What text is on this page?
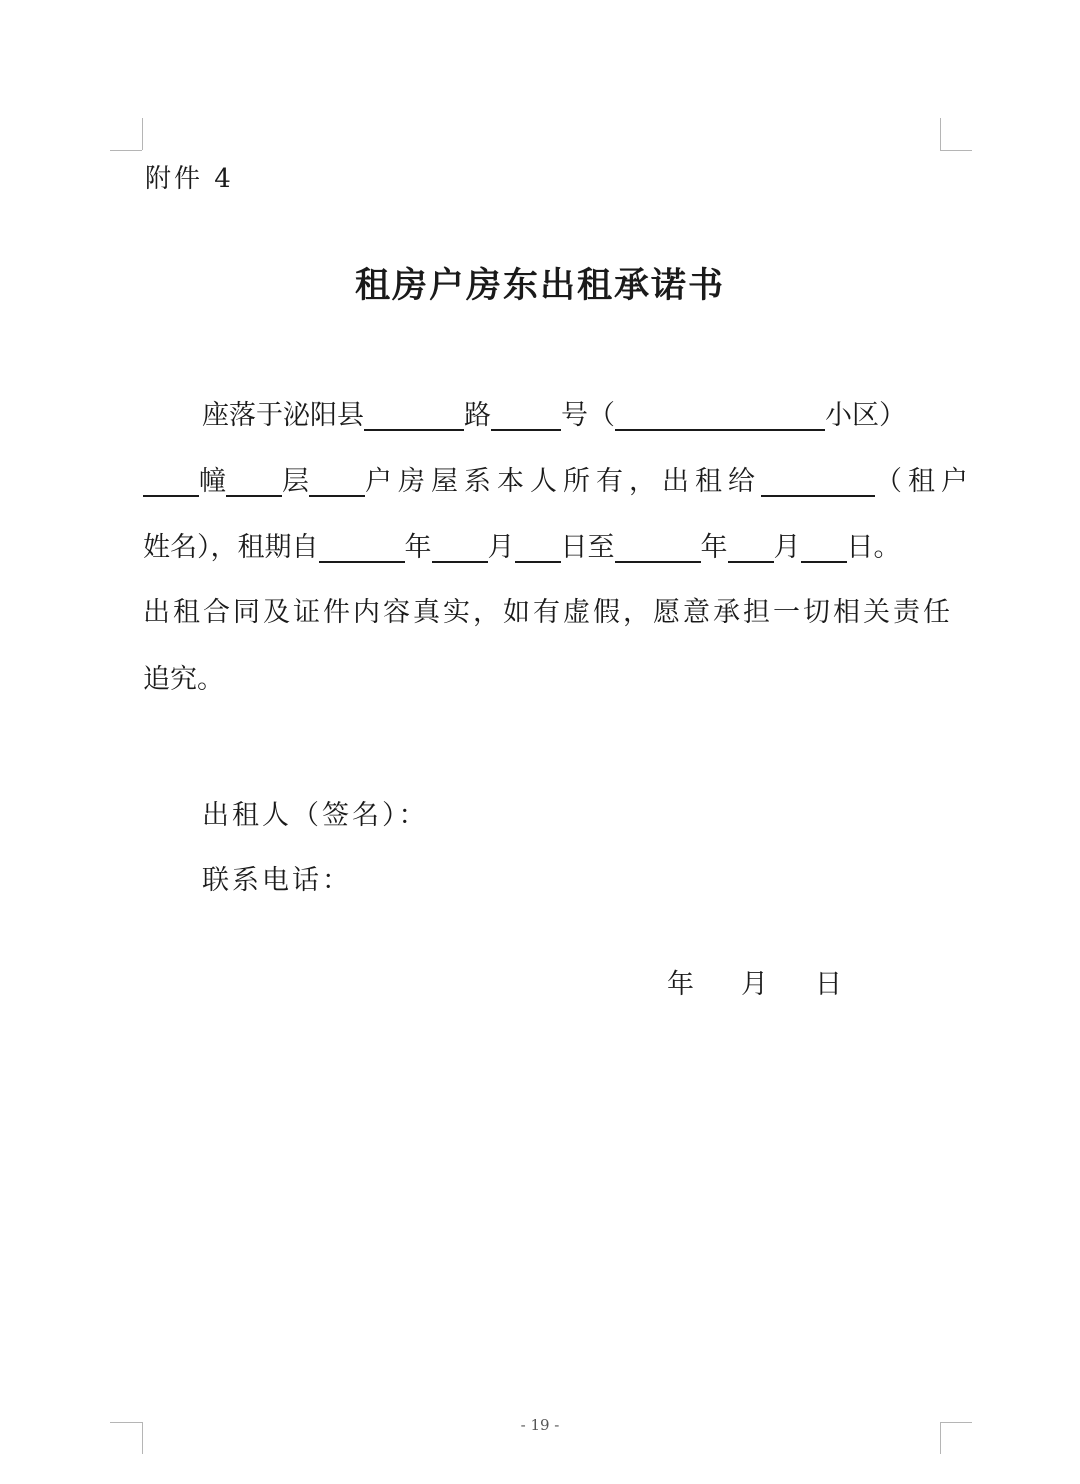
附件 4
租房户房东出租承诺书
座落于泌阳县	路	号（	小区）
幢 层 户房屋系本人所有，出租给	（租户
姓名），租期自	年 月 日至	年 月 日。
出租合同及证件内容真实，如有虚假，愿意承担一切相关责任
追究。
出租人（签名）：
联系电话：
年 月 日
- 19 -
